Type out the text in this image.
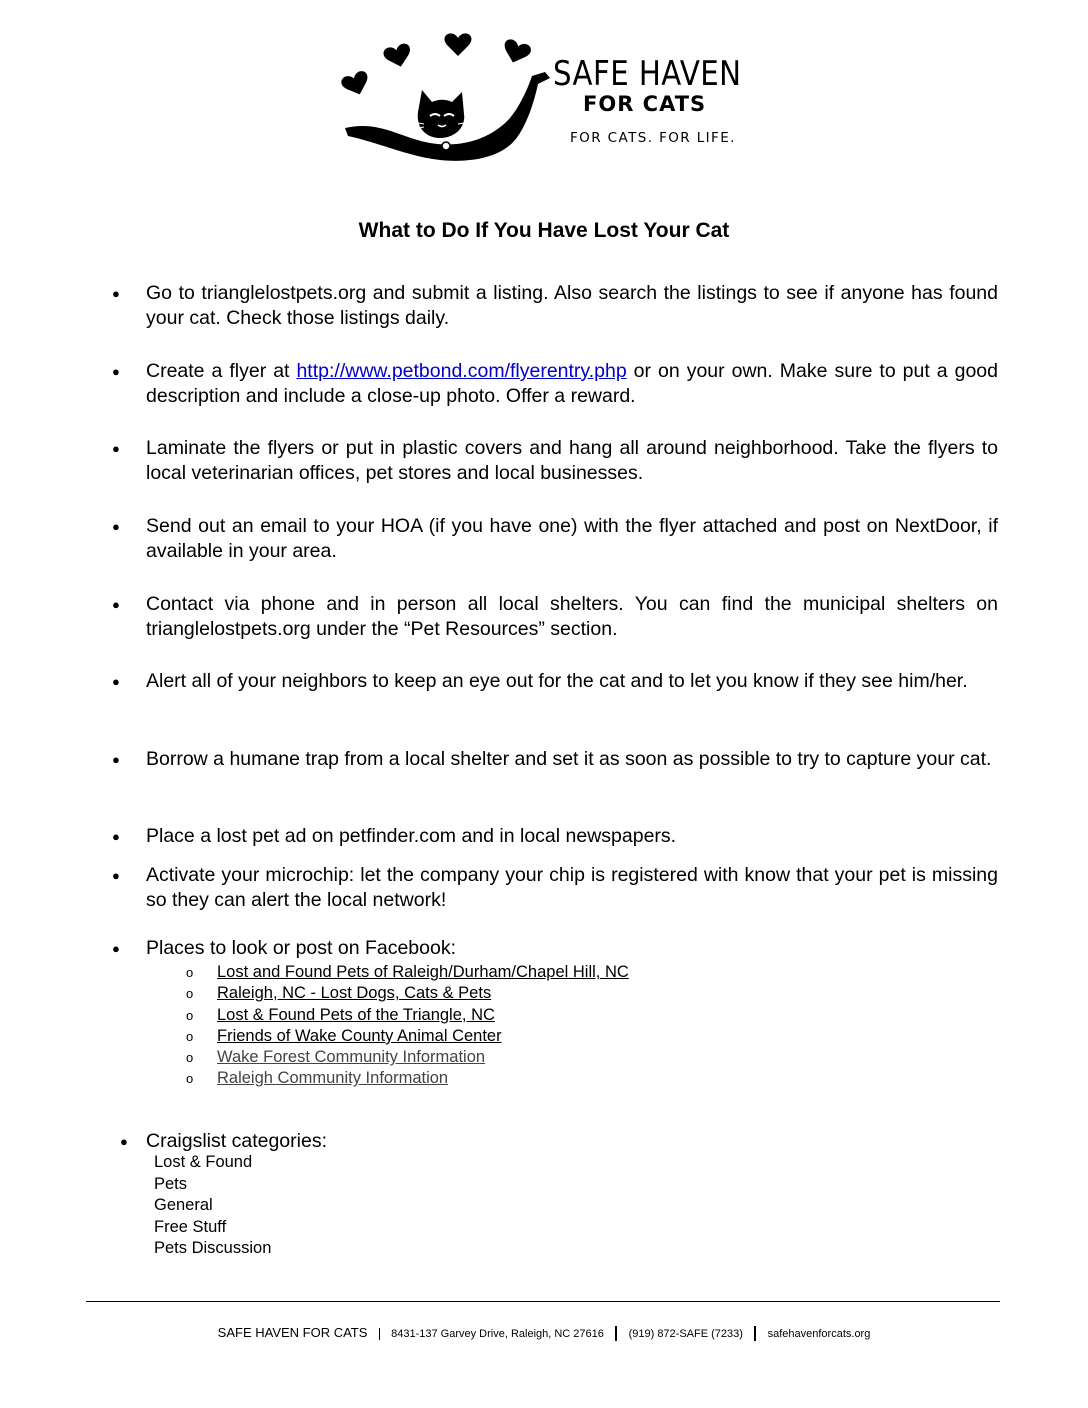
SAFE HAVEN
FOR CATS
FOR CATS. FOR LIFE.
What to Do If You Have Lost Your Cat
● Go to trianglelostpets.org and submit a listing. Also search the listings to see if anyone has found your cat. Check those listings daily.
● Create a flyer at http://www.petbond.com/flyerentry.php or on your own. Make sure to put a good description and include a close-up photo. Offer a reward.
● Laminate the flyers or put in plastic covers and hang all around neighborhood. Take the flyers to local veterinarian offices, pet stores and local businesses.
● Send out an email to your HOA (if you have one) with the flyer attached and post on NextDoor, if available in your area.
● Contact via phone and in person all local shelters. You can find the municipal shelters on trianglelostpets.org under the “Pet Resources” section.
● Alert all of your neighbors to keep an eye out for the cat and to let you know if they see him/her.
● Borrow a humane trap from a local shelter and set it as soon as possible to try to capture your cat.
● Place a lost pet ad on petfinder.com and in local newspapers.
● Activate your microchip: let the company your chip is registered with know that your pet is missing so they can alert the local network!
● Places to look or post on Facebook:
o Lost and Found Pets of Raleigh/Durham/Chapel Hill, NC
o Raleigh, NC - Lost Dogs, Cats & Pets
o Lost & Found Pets of the Triangle, NC
o Friends of Wake County Animal Center
o Wake Forest Community Information
o Raleigh Community Information
● Craigslist categories:
Lost & Found
Pets
General
Free Stuff
Pets Discussion
SAFE HAVEN FOR CATS 8431-137 Garvey Drive, Raleigh, NC 27616 (919) 872-SAFE (7233) safehavenforcats.org
